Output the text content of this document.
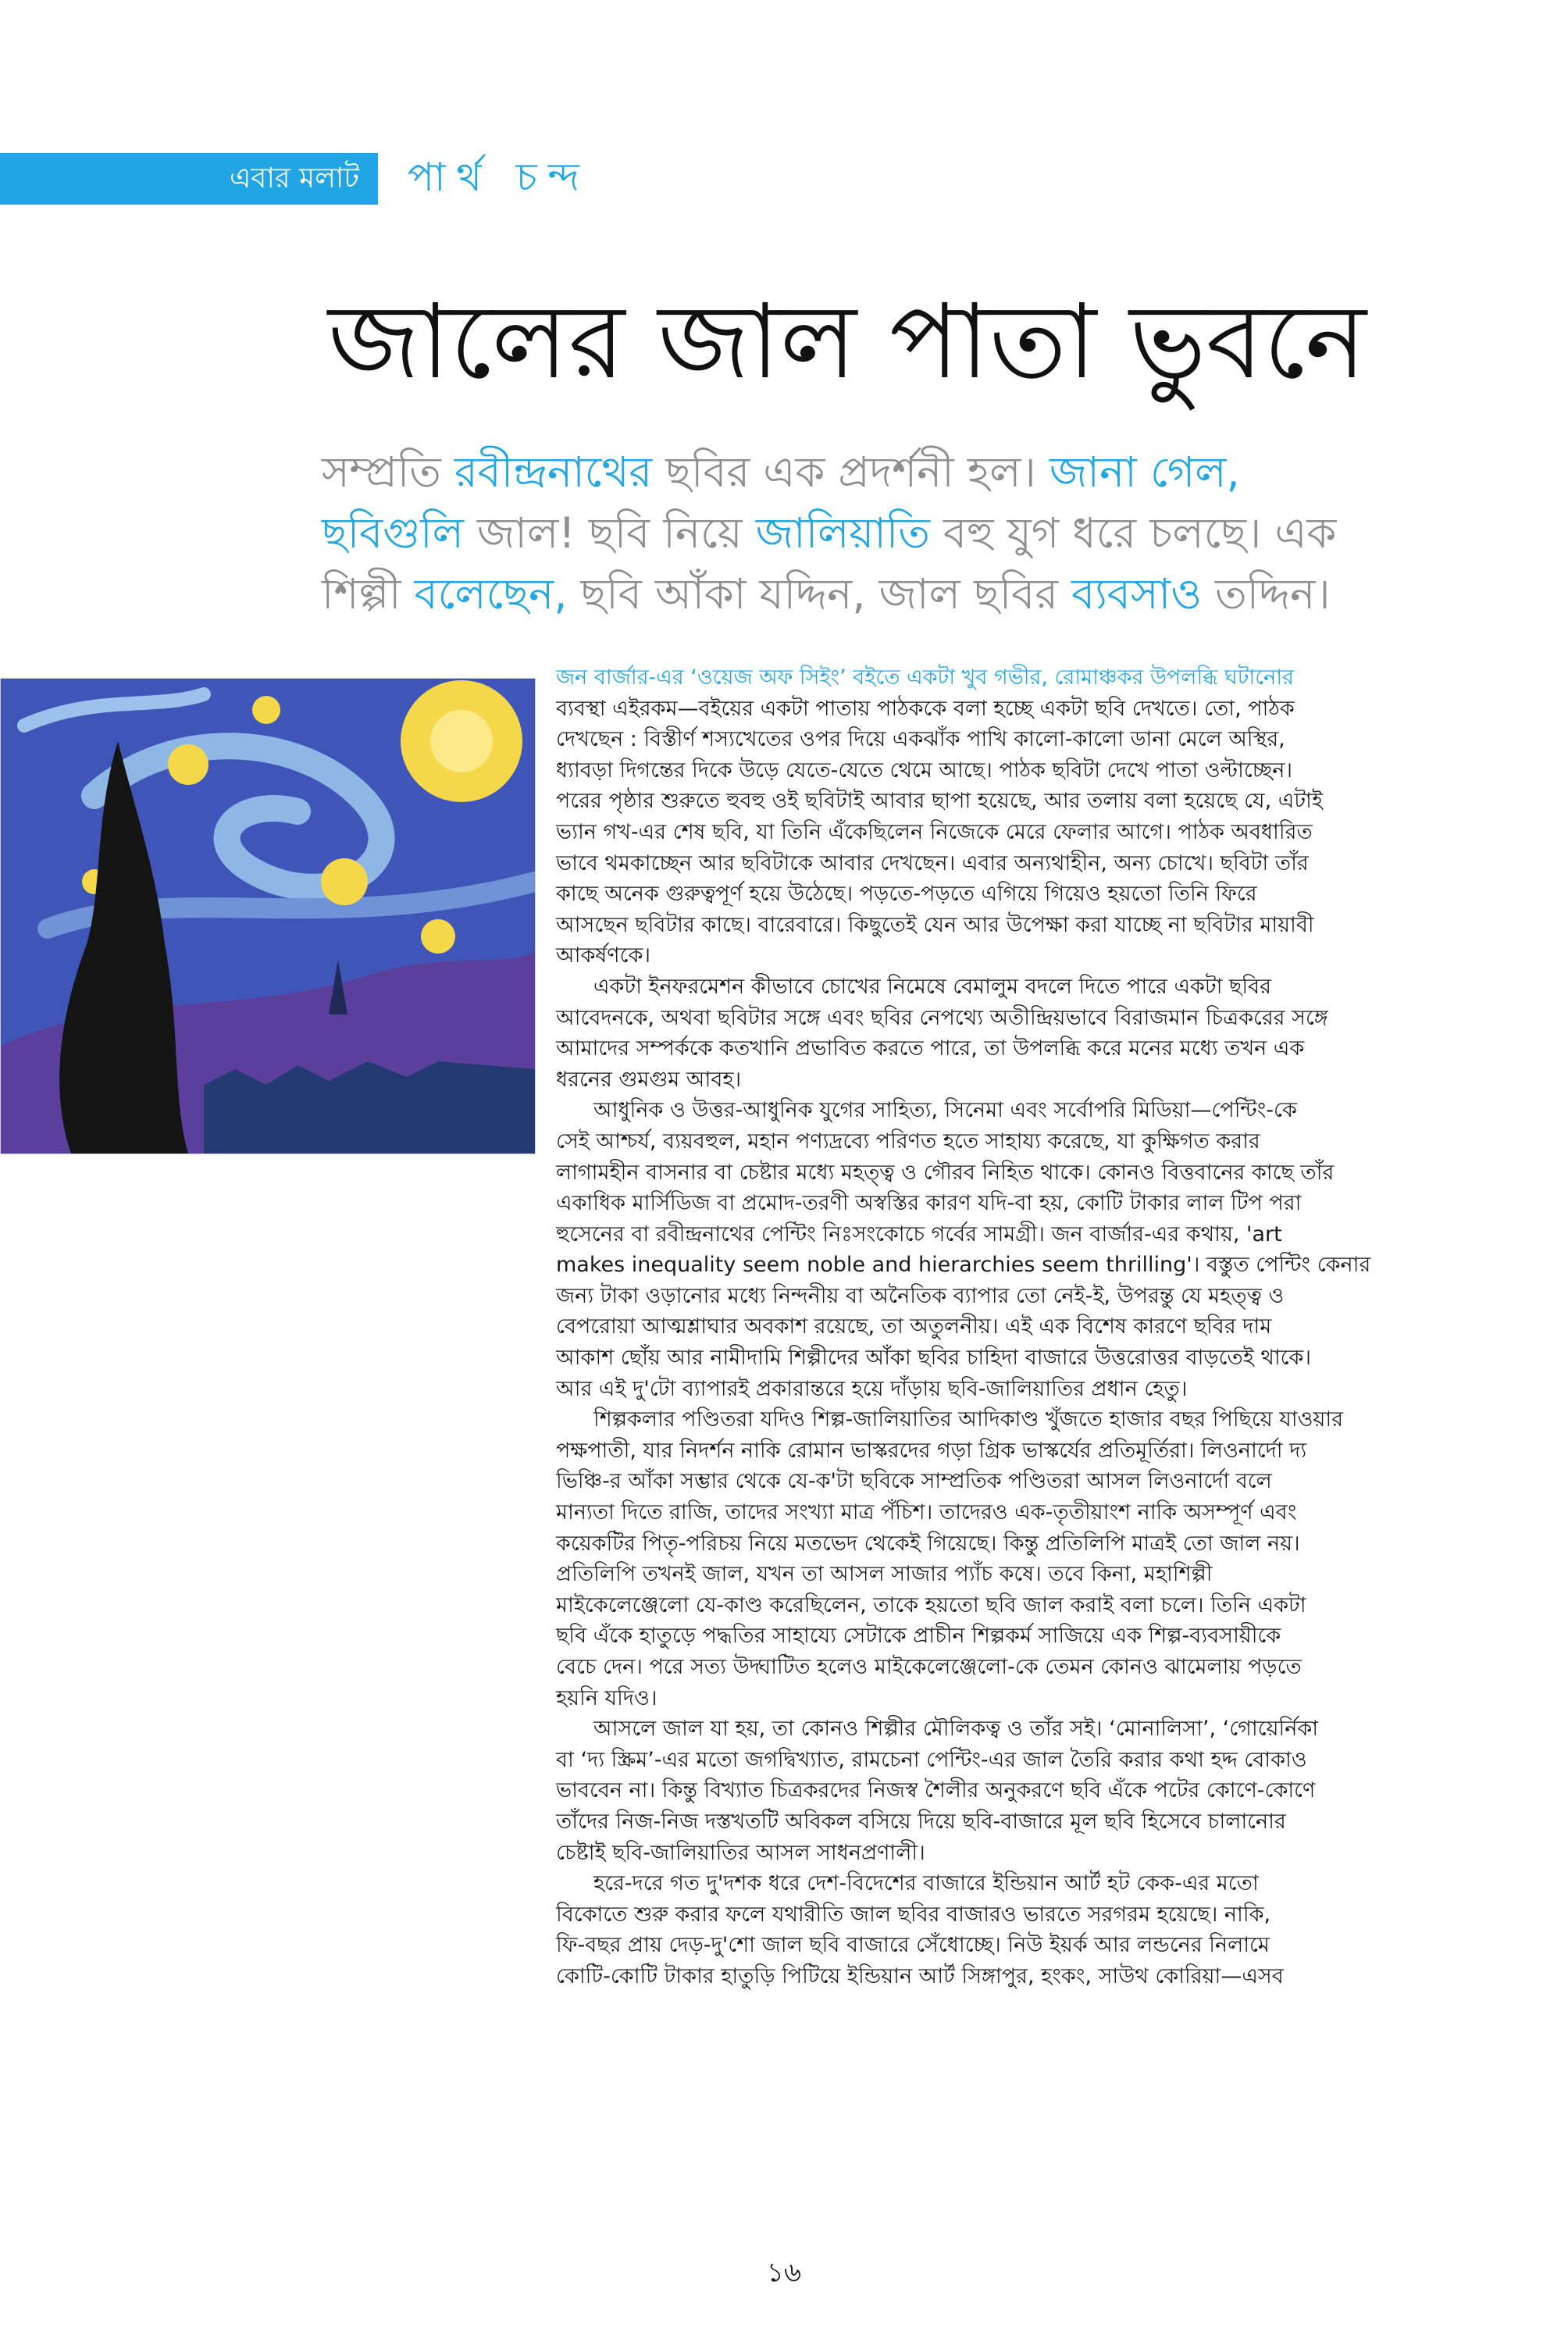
এবার মলাট পার্থ চন্দ
জালের জাল পাতা ভুবনে

সম্প্রতি রবীন্দ্রনাথের ছবির এক প্রদর্শনী হল। জানা গেল,

ছবিগুলি জাল! ছবি নিয়ে জালিয়াতি বহু যুগ ধরে চলছে। এক

শিল্পী বলেছেন, ছবি আঁকা যদ্দিন, জাল ছবির ব্যবসাও তদ্দিন।

জন বার্জার-এর ‘ওয়েজ অফ সিইং’ বইতে একটা খুব গভীর, রোমাঞ্চকর উপলব্ধি ঘটানোর

ব্যবস্থা এইরকম—বইয়ের একটা পাতায় পাঠককে বলা হচ্ছে একটা ছবি দেখতে। তো, পাঠক

দেখছেন : বিস্তীর্ণ শস্যখেতের ওপর দিয়ে একঝাঁক পাখি কালো-কালো ডানা মেলে অস্থির,

ধ্যাবড়া দিগন্তের দিকে উড়ে যেতে-যেতে থেমে আছে। পাঠক ছবিটা দেখে পাতা ওল্টাচ্ছেন।

পরের পৃষ্ঠার শুরুতে হুবহু ওই ছবিটাই আবার ছাপা হয়েছে, আর তলায় বলা হয়েছে যে, এটাই

ভ্যান গখ-এর শেষ ছবি, যা তিনি এঁকেছিলেন নিজেকে মেরে ফেলার আগে। পাঠক অবধারিত

ভাবে থমকাচ্ছেন আর ছবিটাকে আবার দেখছেন। এবার অন্যথাহীন, অন্য চোখে। ছবিটা তাঁর

কাছে অনেক গুরুত্বপূর্ণ হয়ে উঠেছে। পড়তে-পড়তে এগিয়ে গিয়েও হয়তো তিনি ফিরে

আসছেন ছবিটার কাছে। বারেবারে। কিছুতেই যেন আর উপেক্ষা করা যাচ্ছে না ছবিটার মায়াবী

আকর্ষণকে।

একটা ইনফরমেশন কীভাবে চোখের নিমেষে বেমালুম বদলে দিতে পারে একটা ছবির

আবেদনকে, অথবা ছবিটার সঙ্গে এবং ছবির নেপথ্যে অতীন্দ্রিয়ভাবে বিরাজমান চিত্রকরের সঙ্গে

আমাদের সম্পর্ককে কতখানি প্রভাবিত করতে পারে, তা উপলব্ধি করে মনের মধ্যে তখন এক

ধরনের গুমগুম আবহ।

আধুনিক ও উত্তর-আধুনিক যুগের সাহিত্য, সিনেমা এবং সর্বোপরি মিডিয়া—পেন্টিং-কে

সেই আশ্চর্য, ব্যয়বহুল, মহান পণ্যদ্রব্যে পরিণত হতে সাহায্য করেছে, যা কুক্ষিগত করার

লাগামহীন বাসনার বা চেষ্টার মধ্যে মহত্ত্ব ও গৌরব নিহিত থাকে। কোনও বিত্তবানের কাছে তাঁর

একাধিক মার্সিডিজ বা প্রমোদ-তরণী অস্বস্তির কারণ যদি-বা হয়, কোটি টাকার লাল টিপ পরা

হুসেনের বা রবীন্দ্রনাথের পেন্টিং নিঃসংকোচে গর্বের সামগ্রী। জন বার্জার-এর কথায়, 'art

makes inequality seem noble and hierarchies seem thrilling'। বস্তুত পেন্টিং কেনার

জন্য টাকা ওড়ানোর মধ্যে নিন্দনীয় বা অনৈতিক ব্যাপার তো নেই-ই, উপরন্তু যে মহত্ত্ব ও

বেপরোয়া আত্মশ্লাঘার অবকাশ রয়েছে, তা অতুলনীয়। এই এক বিশেষ কারণে ছবির দাম

আকাশ ছোঁয় আর নামীদামি শিল্পীদের আঁকা ছবির চাহিদা বাজারে উত্তরোত্তর বাড়তেই থাকে।

আর এই দু'টো ব্যাপারই প্রকারান্তরে হয়ে দাঁড়ায় ছবি-জালিয়াতির প্রধান হেতু।

শিল্পকলার পণ্ডিতরা যদিও শিল্প-জালিয়াতির আদিকাণ্ড খুঁজতে হাজার বছর পিছিয়ে যাওয়ার

পক্ষপাতী, যার নিদর্শন নাকি রোমান ভাস্করদের গড়া গ্রিক ভাস্কর্যের প্রতিমূর্তিরা। লিওনার্দো দ্য

ভিঞ্চি-র আঁকা সম্ভার থেকে যে-ক'টা ছবিকে সাম্প্রতিক পণ্ডিতরা আসল লিওনার্দো বলে

মান্যতা দিতে রাজি, তাদের সংখ্যা মাত্র পঁচিশ। তাদেরও এক-তৃতীয়াংশ নাকি অসম্পূর্ণ এবং

কয়েকটির পিতৃ-পরিচয় নিয়ে মতভেদ থেকেই গিয়েছে। কিন্তু প্রতিলিপি মাত্রই তো জাল নয়।

প্রতিলিপি তখনই জাল, যখন তা আসল সাজার প্যাঁচ কষে। তবে কিনা, মহাশিল্পী

মাইকেলেঞ্জেলো যে-কাণ্ড করেছিলেন, তাকে হয়তো ছবি জাল করাই বলা চলে। তিনি একটা

ছবি এঁকে হাতুড়ে পদ্ধতির সাহায্যে সেটাকে প্রাচীন শিল্পকর্ম সাজিয়ে এক শিল্প-ব্যবসায়ীকে

বেচে দেন। পরে সত্য উদ্ঘাটিত হলেও মাইকেলেঞ্জেলো-কে তেমন কোনও ঝামেলায় পড়তে

হয়নি যদিও।

আসলে জাল যা হয়, তা কোনও শিল্পীর মৌলিকত্ব ও তাঁর সই। ‘মোনালিসা’, ‘গোয়ের্নিকা

বা ‘দ্য স্ক্রিম’-এর মতো জগদ্বিখ্যাত, রামচেনা পেন্টিং-এর জাল তৈরি করার কথা হদ্দ বোকাও

ভাববেন না। কিন্তু বিখ্যাত চিত্রকরদের নিজস্ব শৈলীর অনুকরণে ছবি এঁকে পটের কোণে-কোণে

তাঁদের নিজ-নিজ দস্তখতটি অবিকল বসিয়ে দিয়ে ছবি-বাজারে মূল ছবি হিসেবে চালানোর

চেষ্টাই ছবি-জালিয়াতির আসল সাধনপ্রণালী।

হরে-দরে গত দু'দশক ধরে দেশ-বিদেশের বাজারে ইন্ডিয়ান আর্ট হট কেক-এর মতো

বিকোতে শুরু করার ফলে যথারীতি জাল ছবির বাজারও ভারতে সরগরম হয়েছে। নাকি,

ফি-বছর প্রায় দেড়-দু'শো জাল ছবি বাজারে সেঁধোচ্ছে। নিউ ইয়র্ক আর লন্ডনের নিলামে

কোটি-কোটি টাকার হাতুড়ি পিটিয়ে ইন্ডিয়ান আর্ট সিঙ্গাপুর, হংকং, সাউথ কোরিয়া—এসব

১৬
